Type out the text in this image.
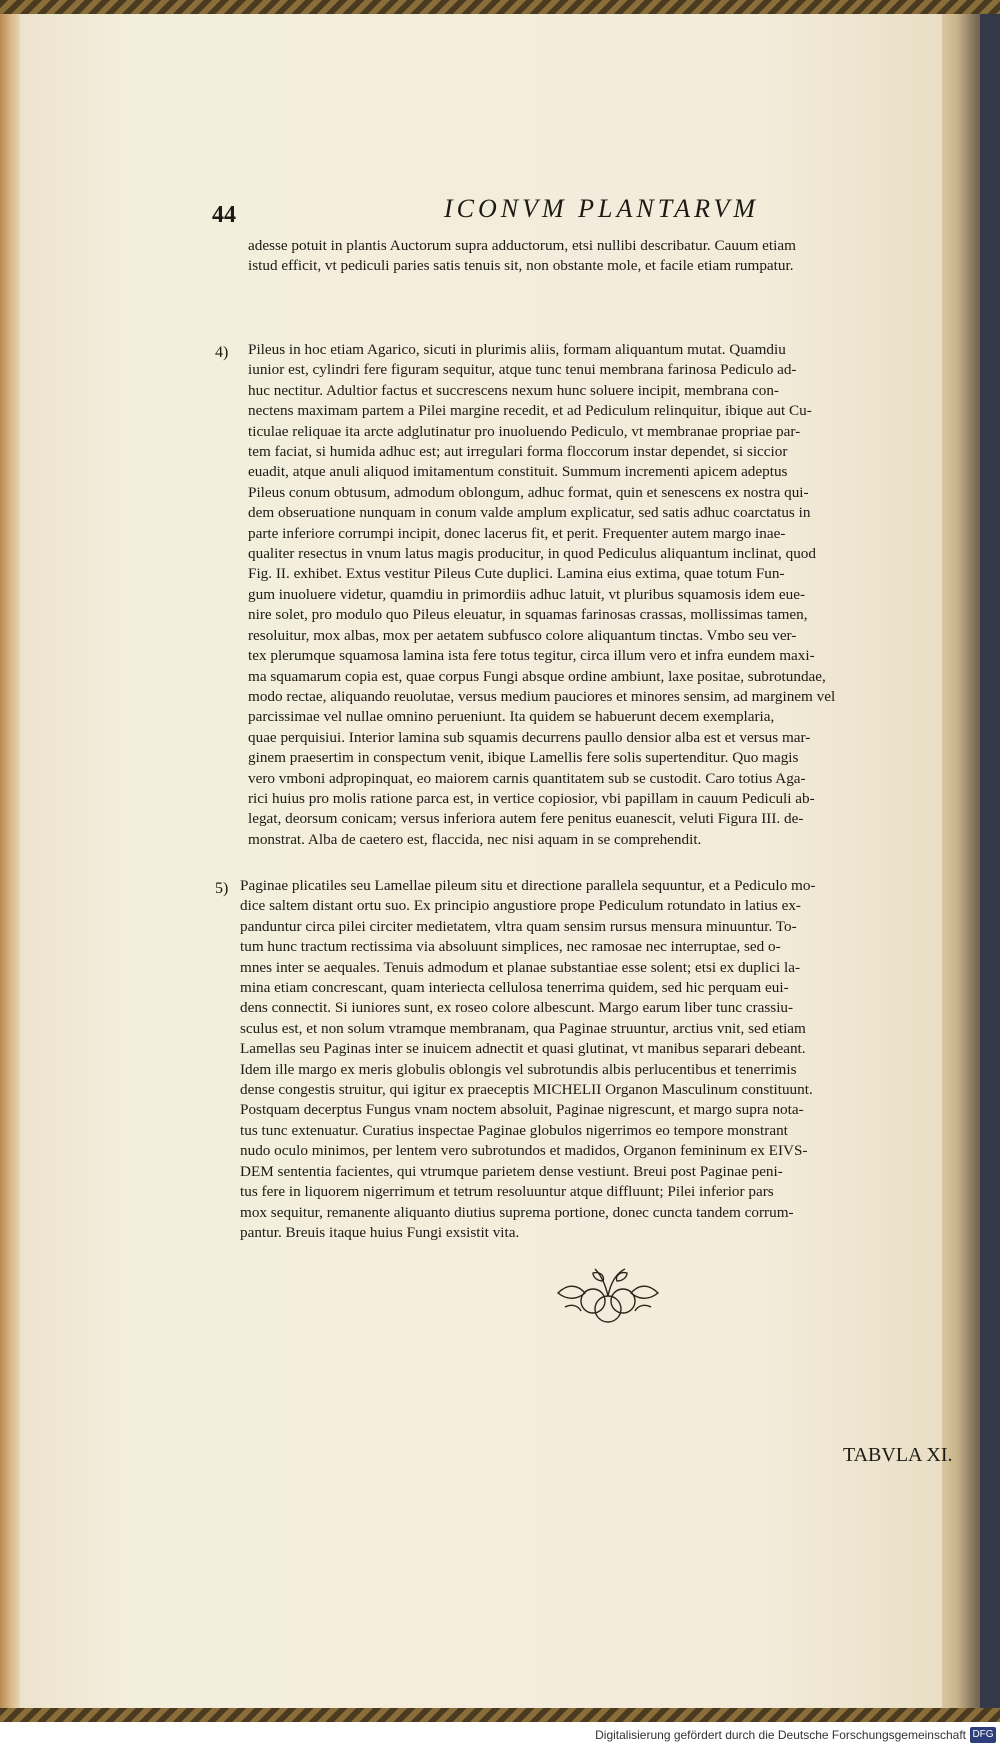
44	ICONVM PLANTARVM
adesse potuit in plantis Auctorum supra adductorum, etsi nullibi describatur. Cauum etiam
istud efficit, vt pediculi paries satis tenuis sit, non obstante mole, et facile etiam rumpatur.
4) Pileus in hoc etiam Agarico, sicuti in plurimis aliis, formam aliquantum mutat. Quamdiu
iunior est, cylindri fere figuram sequitur, atque tunc tenui membrana farinosa Pediculo ad-
huc nectitur. Adultior factus et succrescens nexum hunc soluere incipit, membrana con-
nectens maximam partem a Pilei margine recedit, et ad Pediculum relinquitur, ibique aut Cu-
ticulae reliquae ita arcte adglutinatur pro inuoluendo Pediculo, vt membranae propriae par-
tem faciat, si humida adhuc est; aut irregulari forma floccorum instar dependet, si siccior
euadit, atque anuli aliquod imitamentum constituit. Summum incrementi apicem adeptus
Pileus conum obtusum, admodum oblongum, adhuc format, quin et senescens ex nostra qui-
dem obseruatione nunquam in conum valde amplum explicatur, sed satis adhuc coarctatus in
parte inferiore corrumpi incipit, donec lacerus fit, et perit. Frequenter autem margo inae-
qualiter resectus in vnum latus magis producitur, in quod Pediculus aliquantum inclinat, quod
Fig. II. exhibet. Extus vestitur Pileus Cute duplici. Lamina eius extima, quae totum Fun-
gum inuoluere videtur, quamdiu in primordiis adhuc latuit, vt pluribus squamosis idem eue-
nire solet, pro modulo quo Pileus eleuatur, in squamas farinosas crassas, mollissimas tamen,
resoluitur, mox albas, mox per aetatem subfusco colore aliquantum tinctas. Vmbo seu ver-
tex plerumque squamosa lamina ista fere totus tegitur, circa illum vero et infra eundem maxi-
ma squamarum copia est, quae corpus Fungi absque ordine ambiunt, laxe positae, subrotundae,
modo rectae, aliquando reuolutae, versus medium pauciores et minores sensim, ad marginem vel
parcissimae vel nullae omnino perueniunt. Ita quidem se habuerunt decem exemplaria,
quae perquisiui. Interior lamina sub squamis decurrens paullo densior alba est et versus mar-
ginem praesertim in conspectum venit, ibique Lamellis fere solis supertenditur. Quo magis
vero vmboni adpropinquat, eo maiorem carnis quantitatem sub se custodit. Caro totius Aga-
rici huius pro molis ratione parca est, in vertice copiosior, vbi papillam in cauum Pediculi ab-
legat, deorsum conicam; versus inferiora autem fere penitus euanescit, veluti Figura III. de-
monstrat. Alba de caetero est, flaccida, nec nisi aquam in se comprehendit.
5) Paginae plicatiles seu Lamellae pileum situ et directione parallela sequuntur, et a Pediculo mo-
dice saltem distant ortu suo. Ex principio angustiore prope Pediculum rotundato in latius ex-
panduntur circa pilei circiter medietatem, vltra quam sensim rursus mensura minuuntur. To-
tum hunc tractum rectissima via absoluunt simplices, nec ramosae nec interruptae, sed o-
mnes inter se aequales. Tenuis admodum et planae substantiae esse solent; etsi ex duplici la-
mina etiam concrescant, quam interiecta cellulosa tenerrima quidem, sed hic perquam eui-
dens connectit. Si iuniores sunt, ex roseo colore albescunt. Margo earum liber tunc crassiu-
sculus est, et non solum vtramque membranam, qua Paginae struuntur, arctius vnit, sed etiam
Lamellas seu Paginas inter se inuicem adnectit et quasi glutinat, vt manibus separari debeant.
Idem ille margo ex meris globulis oblongis vel subrotundis albis perlucentibus et tenerrimis
dense congestis struitur, qui igitur ex praeceptis MICHELII Organon Masculinum constituunt.
Postquam decerptus Fungus vnam noctem absoluit, Paginae nigrescunt, et margo supra nota-
tus tunc extenuatur. Curatius inspectae Paginae globulos nigerrimos eo tempore monstrant
nudo oculo minimos, per lentem vero subrotundos et madidos, Organon femininum ex EIVS-
DEM sententia facientes, qui vtrumque parietem dense vestiunt. Breui post Paginae peni-
tus fere in liquorem nigerrimum et tetrum resoluuntur atque diffluunt; Pilei inferior pars
mox sequitur, remanente aliquanto diutius suprema portione, donec cuncta tandem corrum-
pantur. Breuis itaque huius Fungi exsistit vita.
TABVLA XI.
Digitalisierung gefördert durch die Deutsche Forschungsgemeinschaft DFG
